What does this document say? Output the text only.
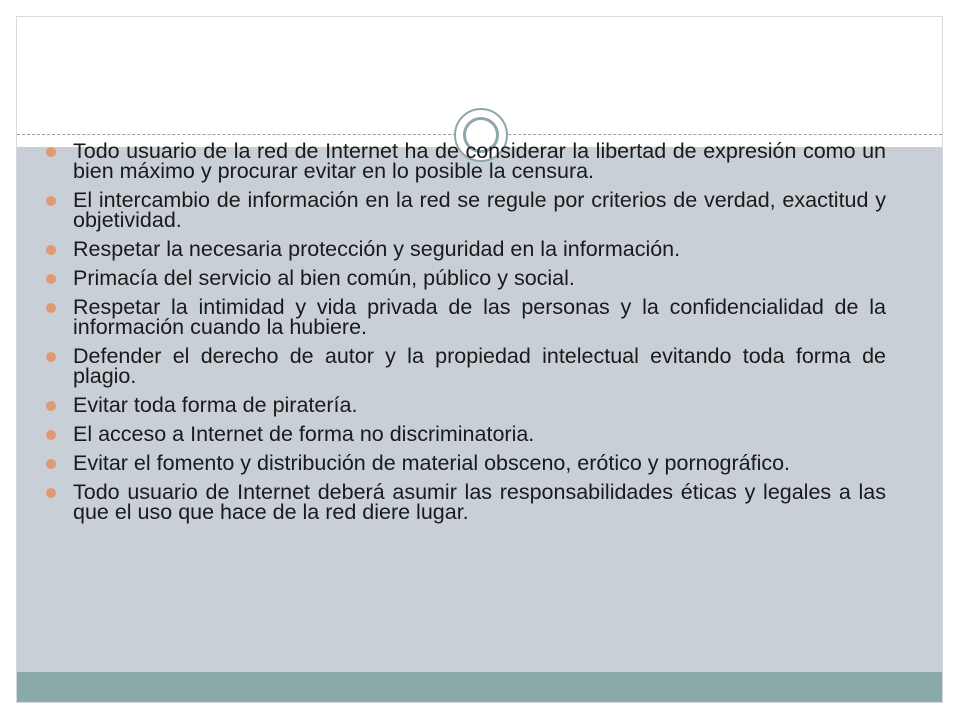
Todo usuario de la red de Internet ha de considerar la libertad de expresión como un bien máximo y procurar evitar en lo posible la censura.
El intercambio de información en la red se regule por criterios de verdad, exactitud y objetividad.
Respetar la necesaria protección y seguridad en la información.
Primacía del servicio al bien común, público y social.
Respetar la intimidad y vida privada de las personas y la confidencialidad de la información cuando la hubiere.
Defender el derecho de autor y la propiedad intelectual evitando toda forma de plagio.
Evitar toda forma de piratería.
El acceso a Internet de forma no discriminatoria.
Evitar el fomento y distribución de material obsceno, erótico y pornográfico.
Todo usuario de Internet deberá asumir las responsabilidades éticas y legales a las que el uso que hace de la red diere lugar.
